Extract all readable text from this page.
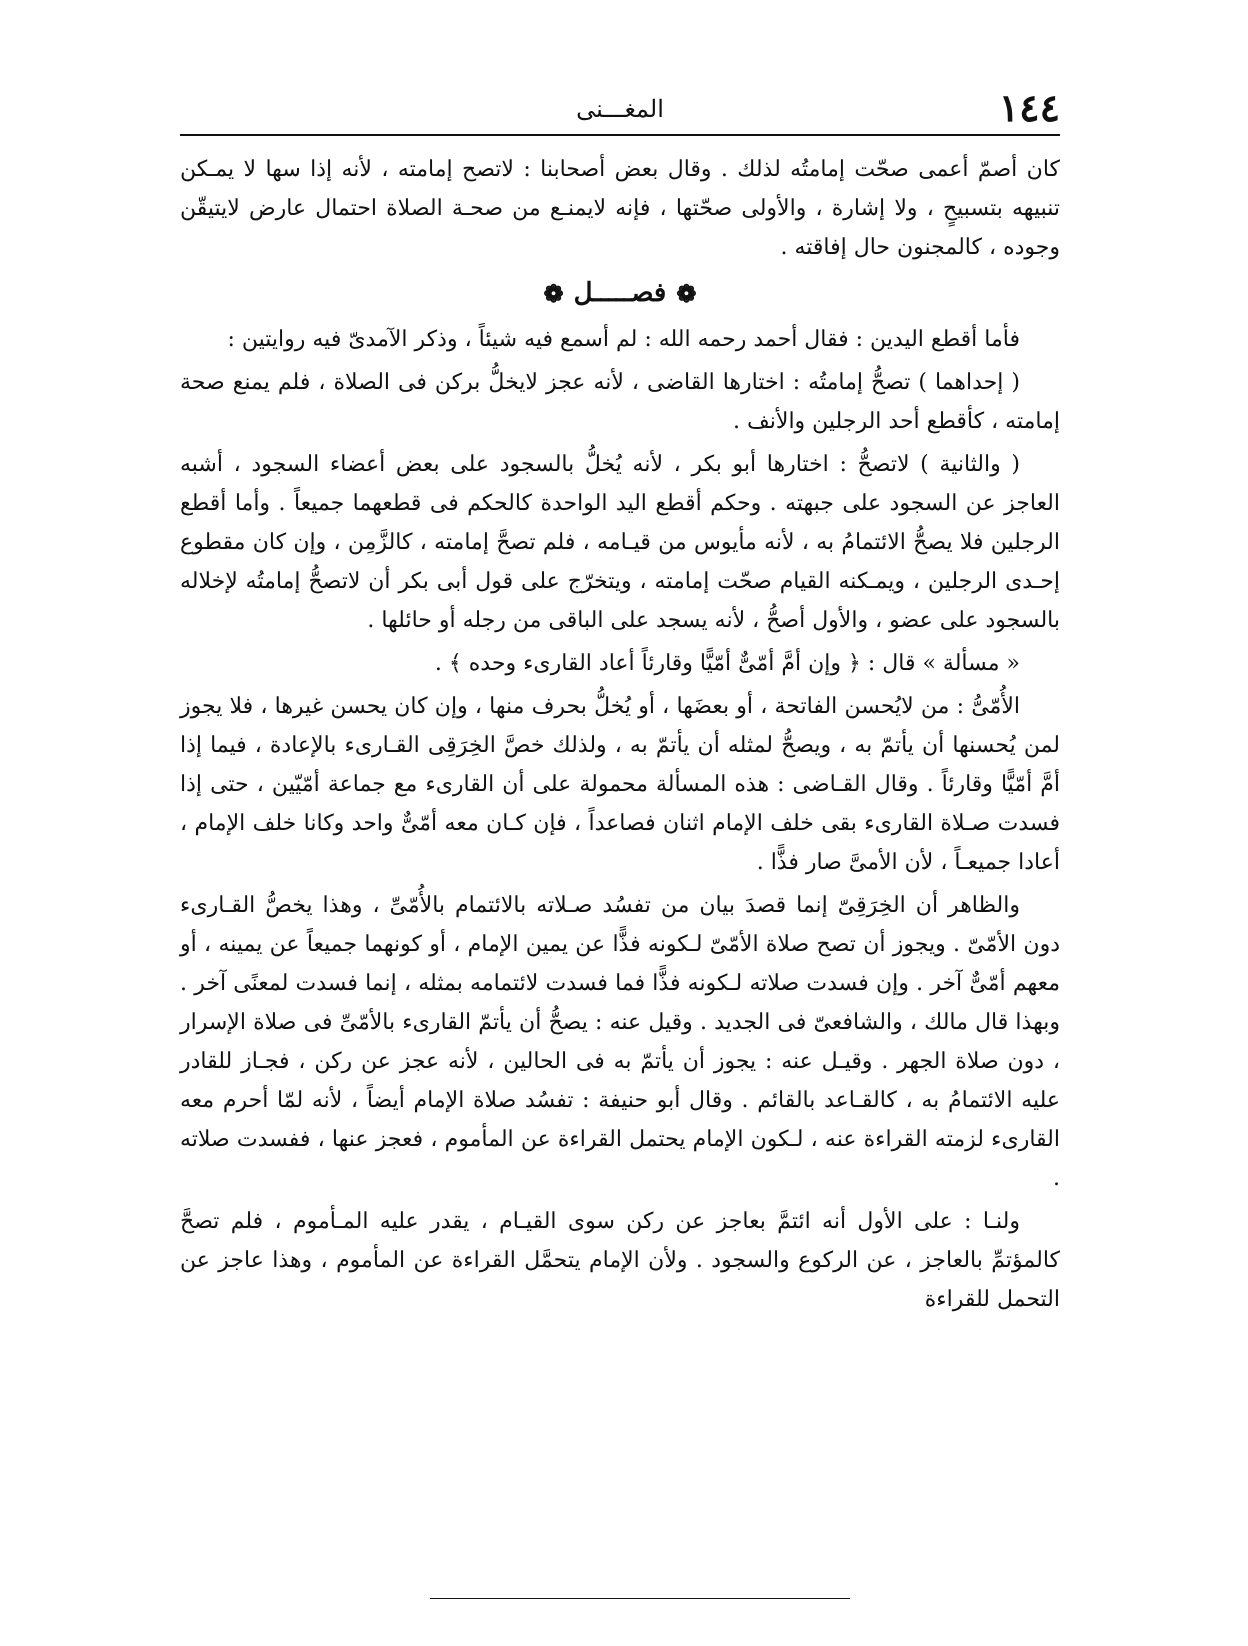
١٤٤
المغـــنى

كان أصمّ أعمى صحّت إمامتُه لذلك . وقال بعض أصحابنا : لاتصح إمامته ، لأنه إذا سها لا يمـكن تنبيهه بتسبيحٍ ، ولا إشارة ، والأولى صحّتها ، فإنه لايمنـع من صحـة الصلاة احتمال عارض لايتيقّن وجوده ، كالمجنون حال إفاقته .

❁فصـــــل❁

فأما أقطع اليدين : فقال أحمد رحمه الله : لم أسمع فيه شيئاً ، وذكر الآمدىّ فيه روايتين :

( إحداهما ) تصحُّ إمامتُه : اختارها القاضى ، لأنه عجز لايخلُّ بركن فى الصلاة ، فلم يمنع صحة إمامته ، كأقطع أحد الرجلين والأنف .

( والثانية ) لاتصحُّ : اختارها أبو بكر ، لأنه يُخلُّ بالسجود على بعض أعضاء السجود ، أشبه العاجز عن السجود على جبهته . وحكم أقطع اليد الواحدة كالحكم فى قطعهما جميعاً . وأما أقطع الرجلين فلا يصحُّ الائتمامُ به ، لأنه مأيوس من قيـامه ، فلم تصحَّ إمامته ، كالزَّمِن ، وإن كان مقطوع إحـدى الرجلين ، ويمـكنه القيام صحّت إمامته ، ويتخرّج على قول أبى بكر أن لاتصحُّ إمامتُه لإخلاله بالسجود على عضو ، والأول أصحُّ ، لأنه يسجد على الباقى من رجله أو حائلها .

« مسألة » قال : ﴿ وإن أمَّ أمّىٌّ أمّيًّا وقارئاً أعاد القارىء وحده ﴾ .

الأُمّىُّ : من لايُحسن الفاتحة ، أو بعضَها ، أو يُخلُّ بحرف منها ، وإن كان يحسن غيرها ، فلا يجوز لمن يُحسنها أن يأتمّ به ، ويصحُّ لمثله أن يأتمّ به ، ولذلك خصَّ الخِرَقِى القـارىء بالإعادة ، فيما إذا أمَّ أمّيًّا وقارئاً . وقال القـاضى : هذه المسألة محمولة على أن القارىء مع جماعة أمّيّين ، حتى إذا فسدت صـلاة القارىء بقى خلف الإمام اثنان فصاعداً ، فإن كـان معه أمّىٌّ واحد وكانا خلف الإمام ، أعادا جميعـاً ، لأن الأمىَّ صار فذًّا .

والظاهر أن الخِرَقِىّ إنما قصدَ بيان من تفسُد صـلاته بالائتمام بالأُمّىِّ ، وهذا يخصُّ القـارىء دون الأمّىّ . ويجوز أن تصح صلاة الأمّىّ لـكونه فذًّا عن يمين الإمام ، أو كونهما جميعاً عن يمينه ، أو معهم أمّىٌّ آخر . وإن فسدت صلاته لـكونه فذًّا فما فسدت لائتمامه بمثله ، إنما فسدت لمعنًى آخر . وبهذا قال مالك ، والشافعىّ فى الجديد . وقيل عنه : يصحُّ أن يأتمّ القارىء بالأمّىِّ فى صلاة الإسرار ، دون صلاة الجهر . وقيـل عنه : يجوز أن يأتمّ به فى الحالين ، لأنه عجز عن ركن ، فجـاز للقادر عليه الائتمامُ به ، كالقـاعد بالقائم . وقال أبو حنيفة : تفسُد صلاة الإمام أيضاً ، لأنه لمّا أحرم معه القارىء لزمته القراءة عنه ، لـكون الإمام يحتمل القراءة عن المأموم ، فعجز عنها ، ففسدت صلاته .

ولنـا : على الأول أنه ائتمَّ بعاجز عن ركن سوى القيـام ، يقدر عليه المـأموم ، فلم تصحَّ كالمؤتمِّ بالعاجز ، عن الركوع والسجود . ولأن الإمام يتحمَّل القراءة عن المأموم ، وهذا عاجز عن التحمل للقراءة
